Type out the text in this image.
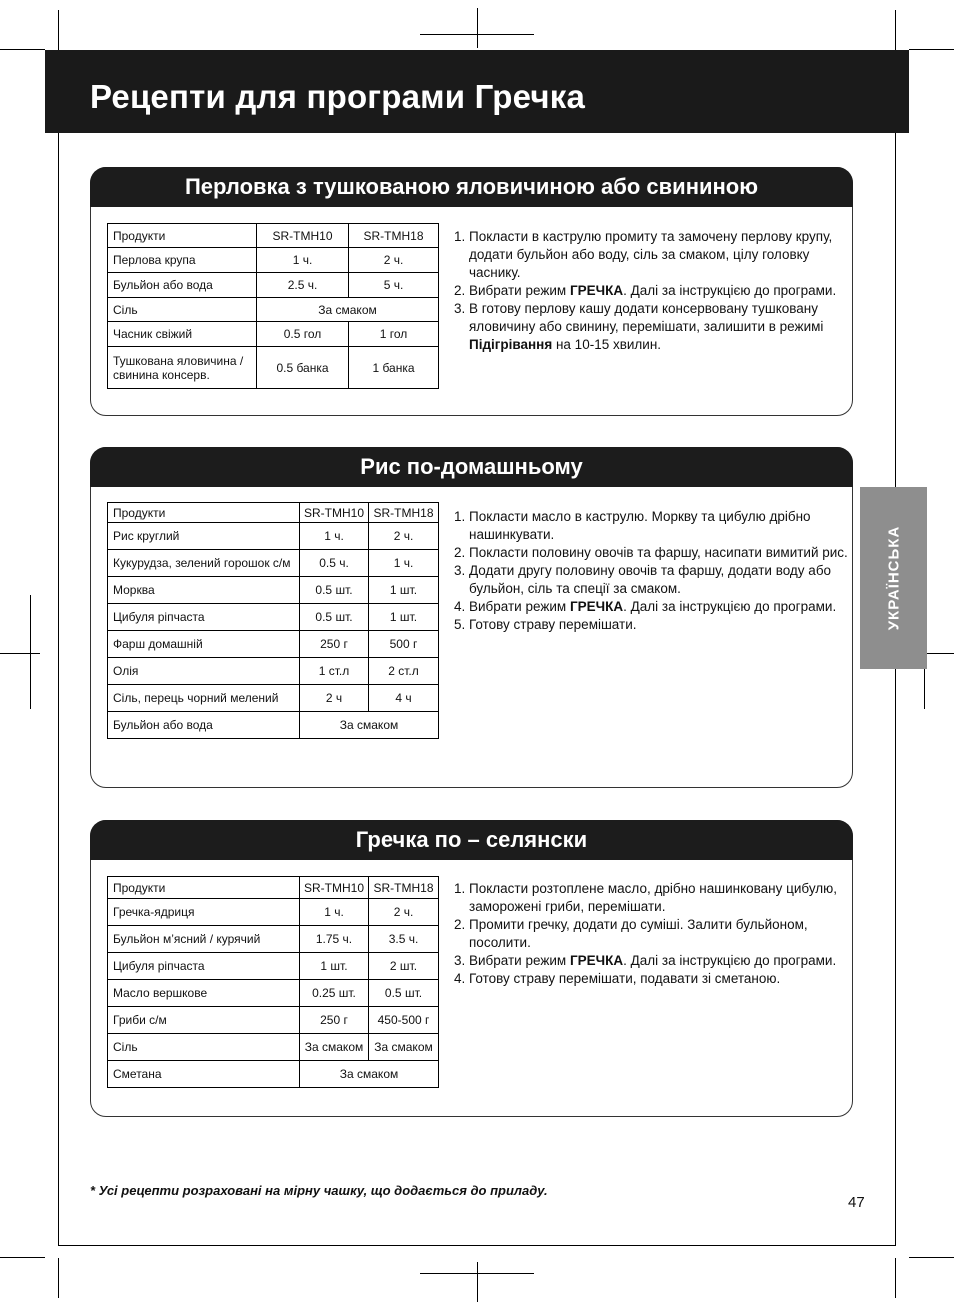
Рецепти для програми Гречка
УКРАЇНСЬКА
Перловка з тушкованою яловичиною або свининою
Продукти	SR-TMH10	SR-TMH18
Перлова крупа	1 ч.	2 ч.
Бульйон або вода	2.5 ч.	5 ч.
Сіль	За смаком	
Часник свіжий	0.5 гол	1 гол
Тушкована яловичина / свинина консерв.	0.5 банка	1 банка
1. Покласти в каструлю промиту та замочену перлову крупу, додати бульйон або воду, сіль за смаком, цілу головку часнику.
2. Вибрати режим ГРЕЧКА. Далі за інструкцією до програми.
3. В готову перлову кашу додати консервовану тушковану яловичину або свинину, перемішати, залишити в режимі Підігрівання на 10-15 хвилин.
Рис по-домашньому
Продукти	SR-TMH10	SR-TMH18
Рис круглий	1 ч.	2 ч.
Кукурудза, зелений горошок с/м	0.5 ч.	1 ч.
Морква	0.5 шт.	1 шт.
Цибуля ріпчаста	0.5 шт.	1 шт.
Фарш домашній	250 г	500 г
Олія	1 ст.л	2 ст.л
Сіль, перець чорний мелений	2 ч	4 ч
Бульйон або вода	За смаком	
1. Покласти масло в каструлю. Моркву та цибулю дрібно нашинкувати.
2. Покласти половину овочів та фаршу, насипати вимитий рис.
3. Додати другу половину овочів та фаршу, додати воду або бульйон, сіль та спеції за смаком.
4. Вибрати режим ГРЕЧКА. Далі за інструкцією до програми.
5. Готову страву перемішати.
Гречка по – селянски
Продукти	SR-TMH10	SR-TMH18
Гречка-ядриця	1 ч.	2 ч.
Бульйон м’ясний / курячий	1.75 ч.	3.5 ч.
Цибуля ріпчаста	1 шт.	2 шт.
Масло вершкове	0.25 шт.	0.5 шт.
Гриби с/м	250 г	450-500 г
Сіль	За смаком	За смаком
Сметана	За смаком	
1. Покласти розтоплене масло, дрібно нашинковану цибулю, заморожені гриби, перемішати.
2. Промити гречку, додати до суміші. Залити бульйоном, посолити.
3. Вибрати режим ГРЕЧКА. Далі за інструкцією до програми.
4. Готову страву перемішати, подавати зі сметаною.
* Усі рецепти розраховані на мірну чашку, що додається до приладу.
47
